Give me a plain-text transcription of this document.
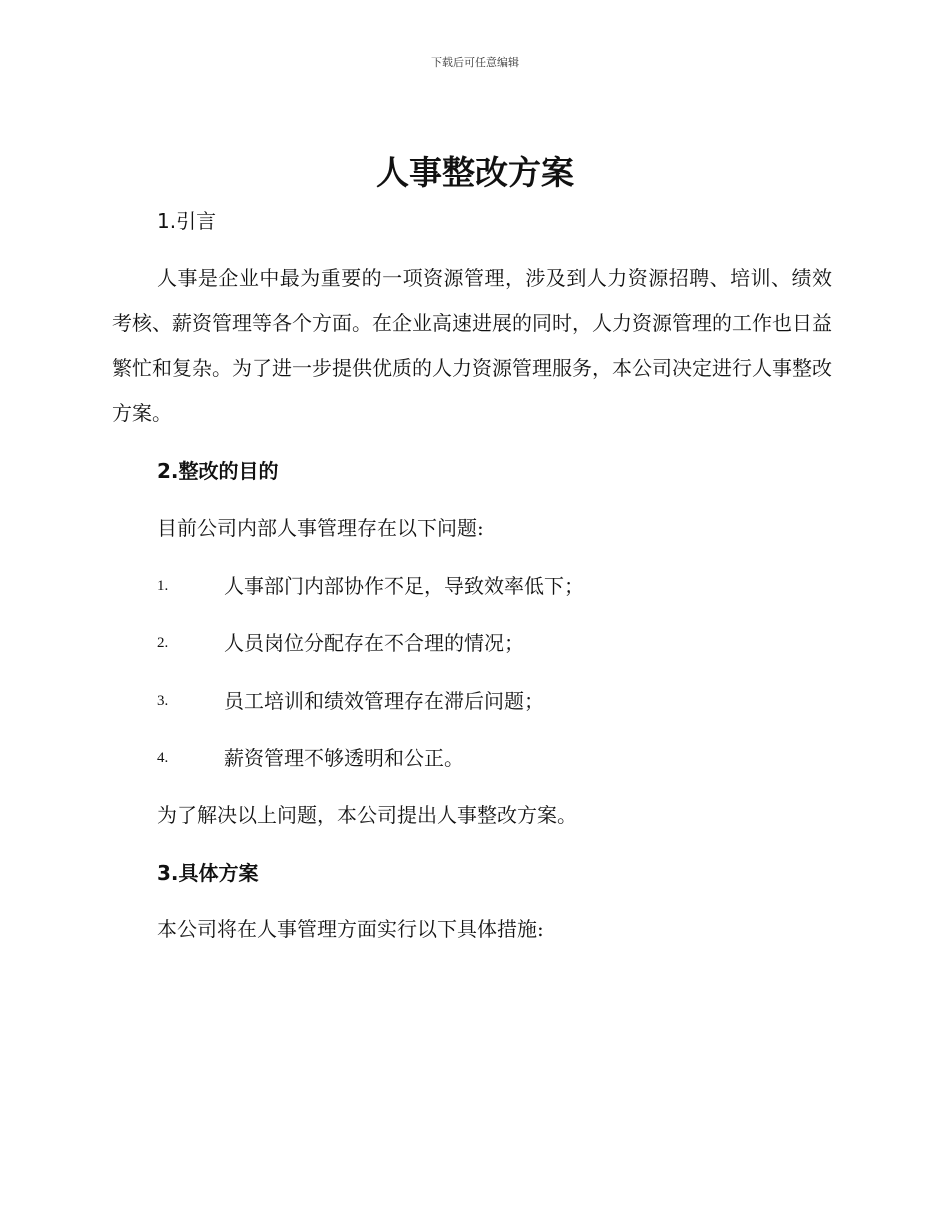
下载后可任意编辑
人事整改方案
1.引言

人事是企业中最为重要的一项资源管理，涉及到人力资源招聘、培训、绩效考核、薪资管理等各个方面。在企业高速进展的同时，人力资源管理的工作也日益繁忙和复杂。为了进一步提供优质的人力资源管理服务，本公司决定进行人事整改方案。

2.整改的目的

目前公司内部人事管理存在以下问题:

1.	人事部门内部协作不足，导致效率低下；
2.	人员岗位分配存在不合理的情况；
3.	员工培训和绩效管理存在滞后问题；
4.	薪资管理不够透明和公正。

为了解决以上问题，本公司提出人事整改方案。

3.具体方案

本公司将在人事管理方面实行以下具体措施:
